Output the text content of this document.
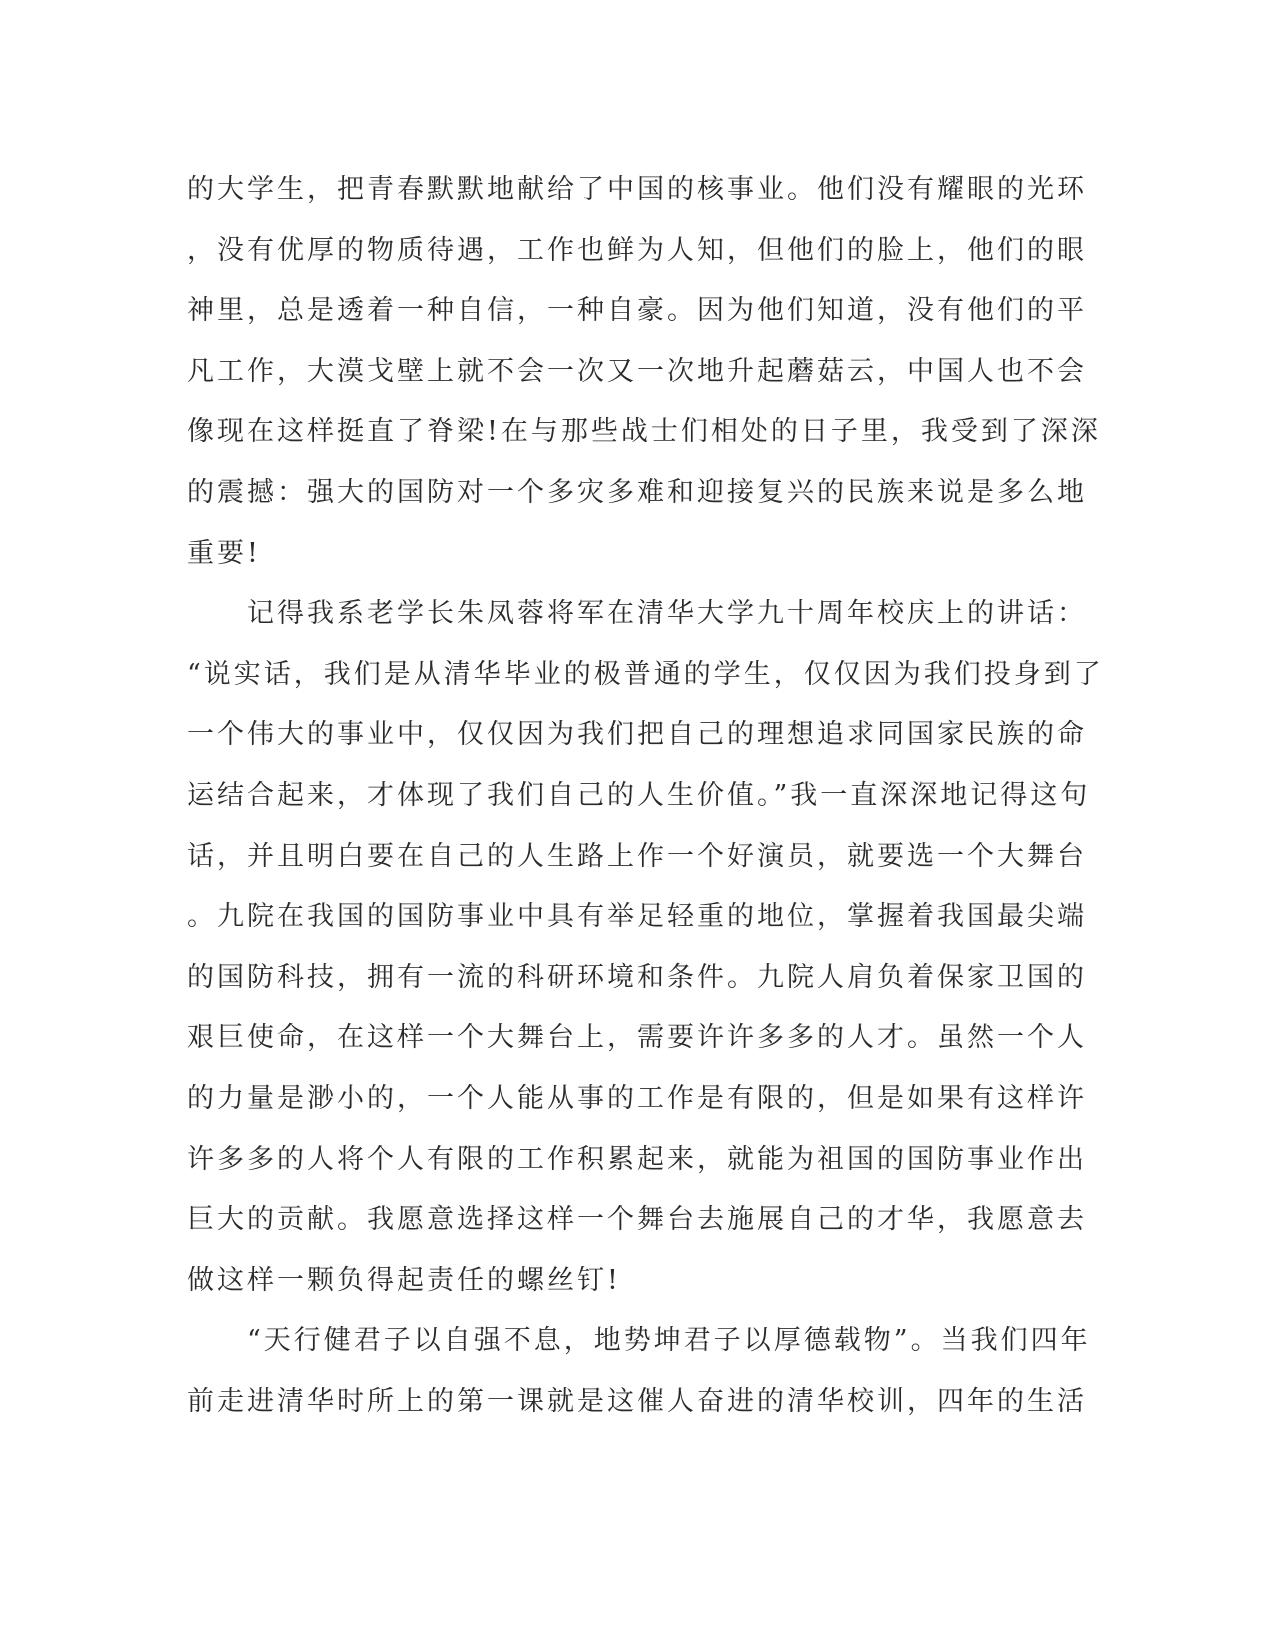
的大学生，把青春默默地献给了中国的核事业。他们没有耀眼的光环
，没有优厚的物质待遇，工作也鲜为人知，但他们的脸上，他们的眼
神里，总是透着一种自信，一种自豪。因为他们知道，没有他们的平
凡工作，大漠戈壁上就不会一次又一次地升起蘑菇云，中国人也不会
像现在这样挺直了脊梁!在与那些战士们相处的日子里，我受到了深深
的震撼：强大的国防对一个多灾多难和迎接复兴的民族来说是多么地
重要!
　　记得我系老学长朱凤蓉将军在清华大学九十周年校庆上的讲话：
“说实话，我们是从清华毕业的极普通的学生，仅仅因为我们投身到了
一个伟大的事业中，仅仅因为我们把自己的理想追求同国家民族的命
运结合起来，才体现了我们自己的人生价值。”我一直深深地记得这句
话，并且明白要在自己的人生路上作一个好演员，就要选一个大舞台
。九院在我国的国防事业中具有举足轻重的地位，掌握着我国最尖端
的国防科技，拥有一流的科研环境和条件。九院人肩负着保家卫国的
艰巨使命，在这样一个大舞台上，需要许许多多的人才。虽然一个人
的力量是渺小的，一个人能从事的工作是有限的，但是如果有这样许
许多多的人将个人有限的工作积累起来，就能为祖国的国防事业作出
巨大的贡献。我愿意选择这样一个舞台去施展自己的才华，我愿意去
做这样一颗负得起责任的螺丝钉!
　　“天行健君子以自强不息，地势坤君子以厚德载物”。当我们四年
前走进清华时所上的第一课就是这催人奋进的清华校训，四年的生活
